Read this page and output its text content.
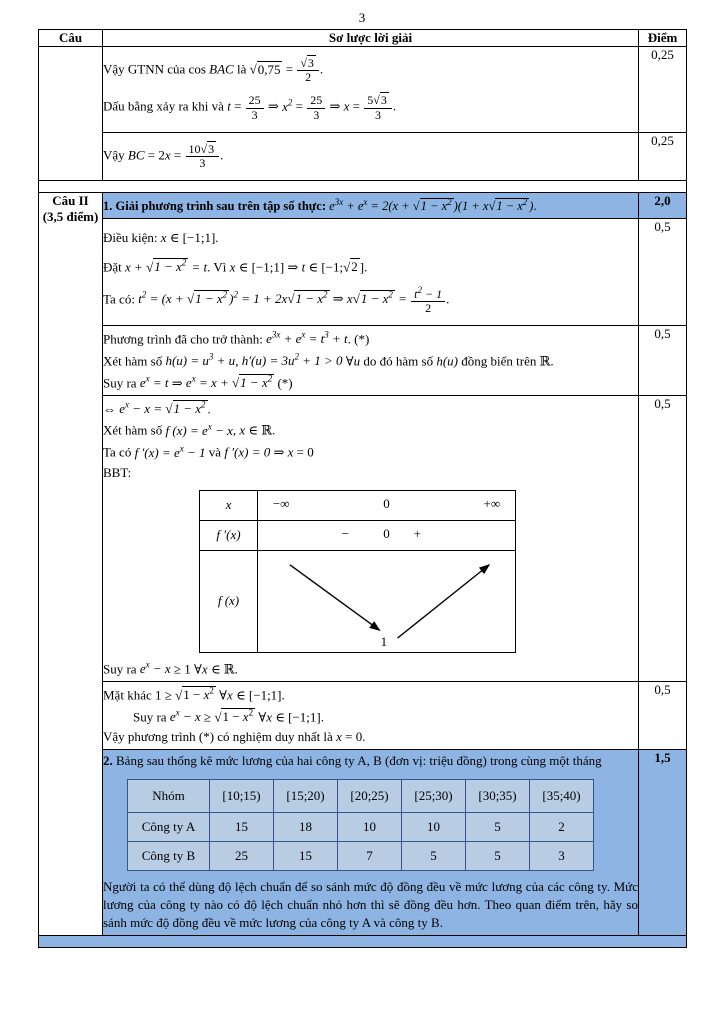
3
Câu	Sơ lược lời giải	Điểm

Vậy GTNN của cos BAC là $√0,75 = \frac{√3}{2}$ .
Dấu bằng xảy ra khi và $t = \frac{25}{3}$ ⇒ $x^2 = \frac{25}{3}$ ⇒ $x = \frac{5√3}{3}$ .
	0,25

Vậy BC = $2x = \frac{10√3}{3}$ .
	0,25

Câu II
(3,5 điểm)

1. Giải phương trình sau trên tập số thực: $e^{3x} + e^x = 2(x + √1 - x^2$ )($1 + x√1 - x^2$ ).	2,0

Điều kiện: x ∈ [−1;1].
Đặt $x + √1 - x^2 = t$. Vì x ∈ [−1;1] ⇒ t ∈ [−1;√2 ].
Ta có: $t^2 = (x + √1 - x^2$ )$^2 = 1 + 2x√1 - x^2$ ⇒ $x√1 - x^2 = \frac{t^2 - 1}{2}$ .
	0,5

Phương trình đã cho trở thành: $e^{3x} + e^x = t^3 + t$. (*)
Xét hàm số $h(u) = u^3 + u$, $h'(u) = 3u^2 + 1 > 0$ ∀u do đó hàm số h(u) đồng biến trên ℝ.
Suy ra $e^x = t$ ⇒ $e^x = x + √1 - x^2$ (*)
	0,5

⇔ $e^x - x = √1 - x^2$ .
Xét hàm số f $(x) = e^x - x$, x ∈ ℝ.
Ta có f $'(x) = e^x - 1$ và f ′(x) = 0 ⇒ x = 0
BBT:
x	−∞	0	+∞

f ′(x)	−	0 +

f (x)	
1
Suy ra $e^x - x \ge 1$ ∀x ∈ ℝ.
	0,5

Mặt khác $1 \ge √1 - x^2$ ∀x ∈ [−1;1].
Suy ra $e^x - x \ge √1 - x^2$ ∀x ∈ [−1;1].
Vậy phương trình (*) có nghiệm duy nhất là x = 0.
	0,5

2. Bảng sau thống kê mức lương của hai công ty A, B (đơn vị: triệu đồng) trong cùng một tháng
Nhóm	[10;15)	[15;20)	[20;25)	[25;30)	[30;35)	[35;40)
Công ty A	15	18	10	10	5	2
Công ty B	25	15	7	5	5	3
Người ta có thể dùng độ lệch chuẩn để so sánh mức độ đồng đều về mức lương của các công ty. Mức lương của công ty nào có độ lệch chuẩn nhỏ hơn thì sẽ đồng đều hơn. Theo quan điểm trên, hãy so sánh mức độ đồng đều về mức lương của công ty A và công ty B.
	1,5
